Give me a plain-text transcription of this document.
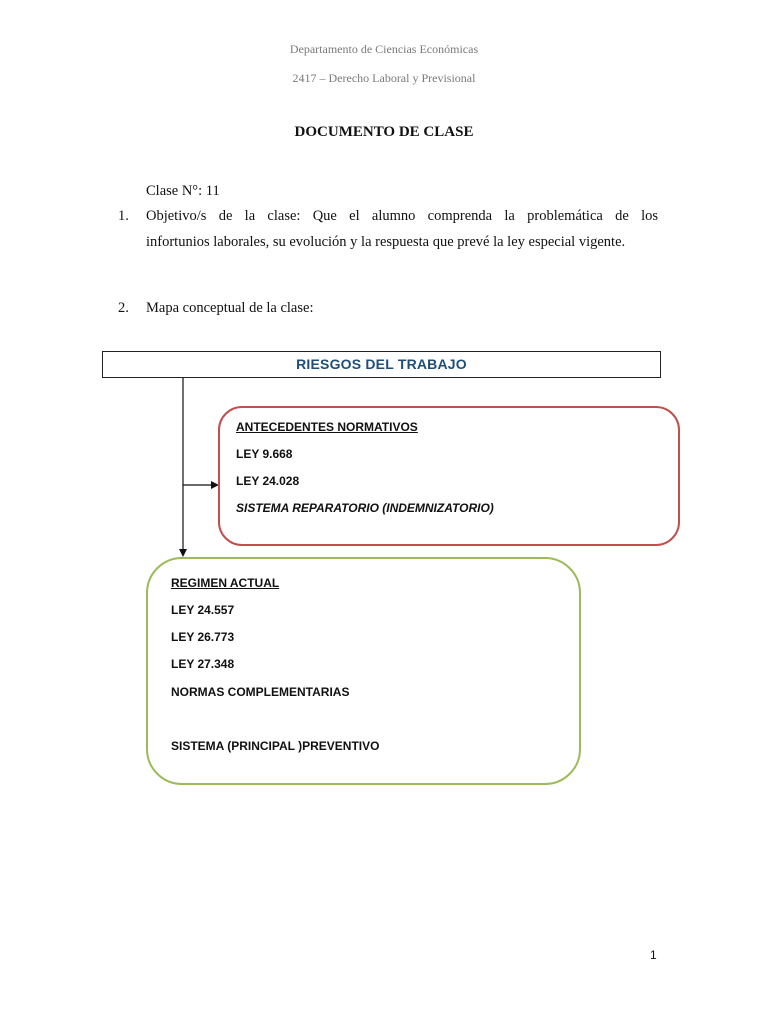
Departamento de Ciencias Económicas
2417 – Derecho Laboral y Previsional
DOCUMENTO DE CLASE
Clase N°: 11
1. Objetivo/s de la clase: Que el alumno comprenda la problemática de los
infortunios laborales, su evolución y la respuesta que prevé la ley especial vigente.
2. Mapa conceptual de la clase:
RIESGOS DEL TRABAJO
ANTECEDENTES NORMATIVOS
LEY 9.668
LEY 24.028
SISTEMA REPARATORIO (INDEMNIZATORIO)
REGIMEN ACTUAL
LEY 24.557
LEY 26.773
LEY 27.348
NORMAS COMPLEMENTARIAS
SISTEMA (PRINCIPAL )PREVENTIVO
1
